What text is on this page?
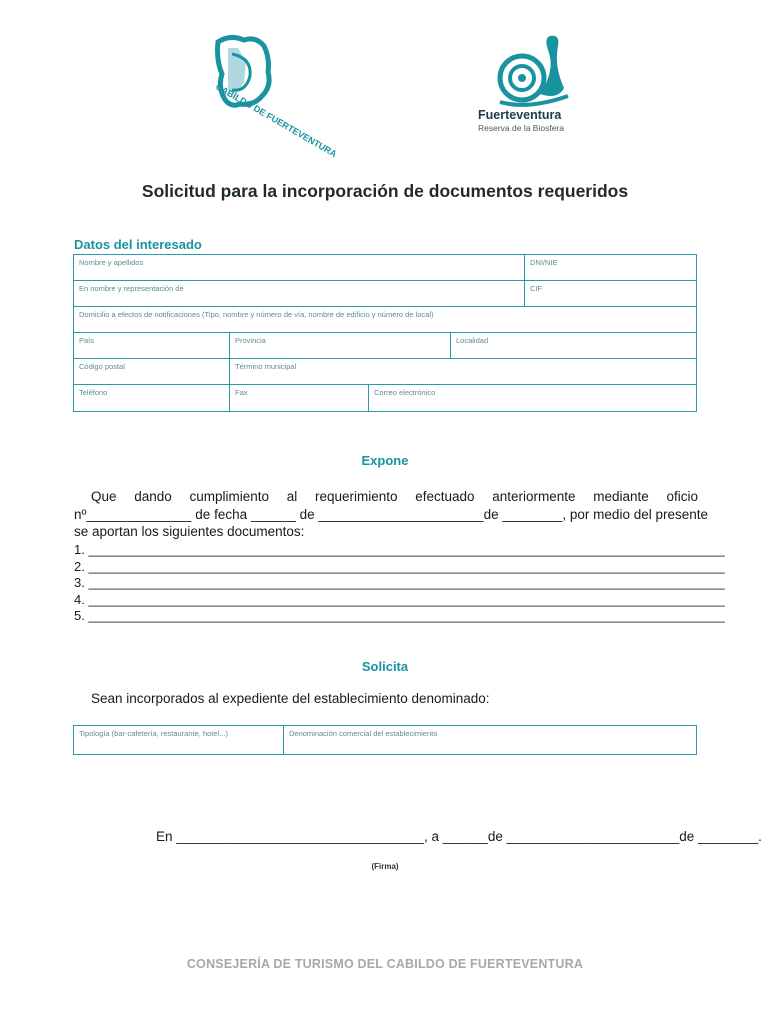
CABILDO DE FUERTEVENTURA	Fuerteventura
Reserva de la Biosfera
Solicitud para la incorporación de documentos requeridos
Datos del interesado
Nombre y apellidos	DNI/NIE
En nombre y representación de	CIF
Domicilio a efectos de notificaciones (Tipo, nombre y número de vía, nombre de edificio y número de local)
País	Provincia	Localidad
Código postal	Término municipal
Teléfono	Fax	Correo electrónico
Expone
Que dando cumplimiento al requerimiento efectuado anteriormente mediante oficio
nº______________ de fecha ______ de ______________________de ________, por medio del presente
se aportan los siguientes documentos:
1. ________________________________________________________________________________________
2. ________________________________________________________________________________________
3. ________________________________________________________________________________________
4. ________________________________________________________________________________________
5. ________________________________________________________________________________________
Solicita
Sean incorporados al expediente del establecimiento denominado:
Tipología (bar-cafetería, restaurante, hotel...)	Denominación comercial del establecimiento
En _________________________________, a ______de _______________________de ________.
(Firma)
CONSEJERÍA DE TURISMO DEL CABILDO DE FUERTEVENTURA
